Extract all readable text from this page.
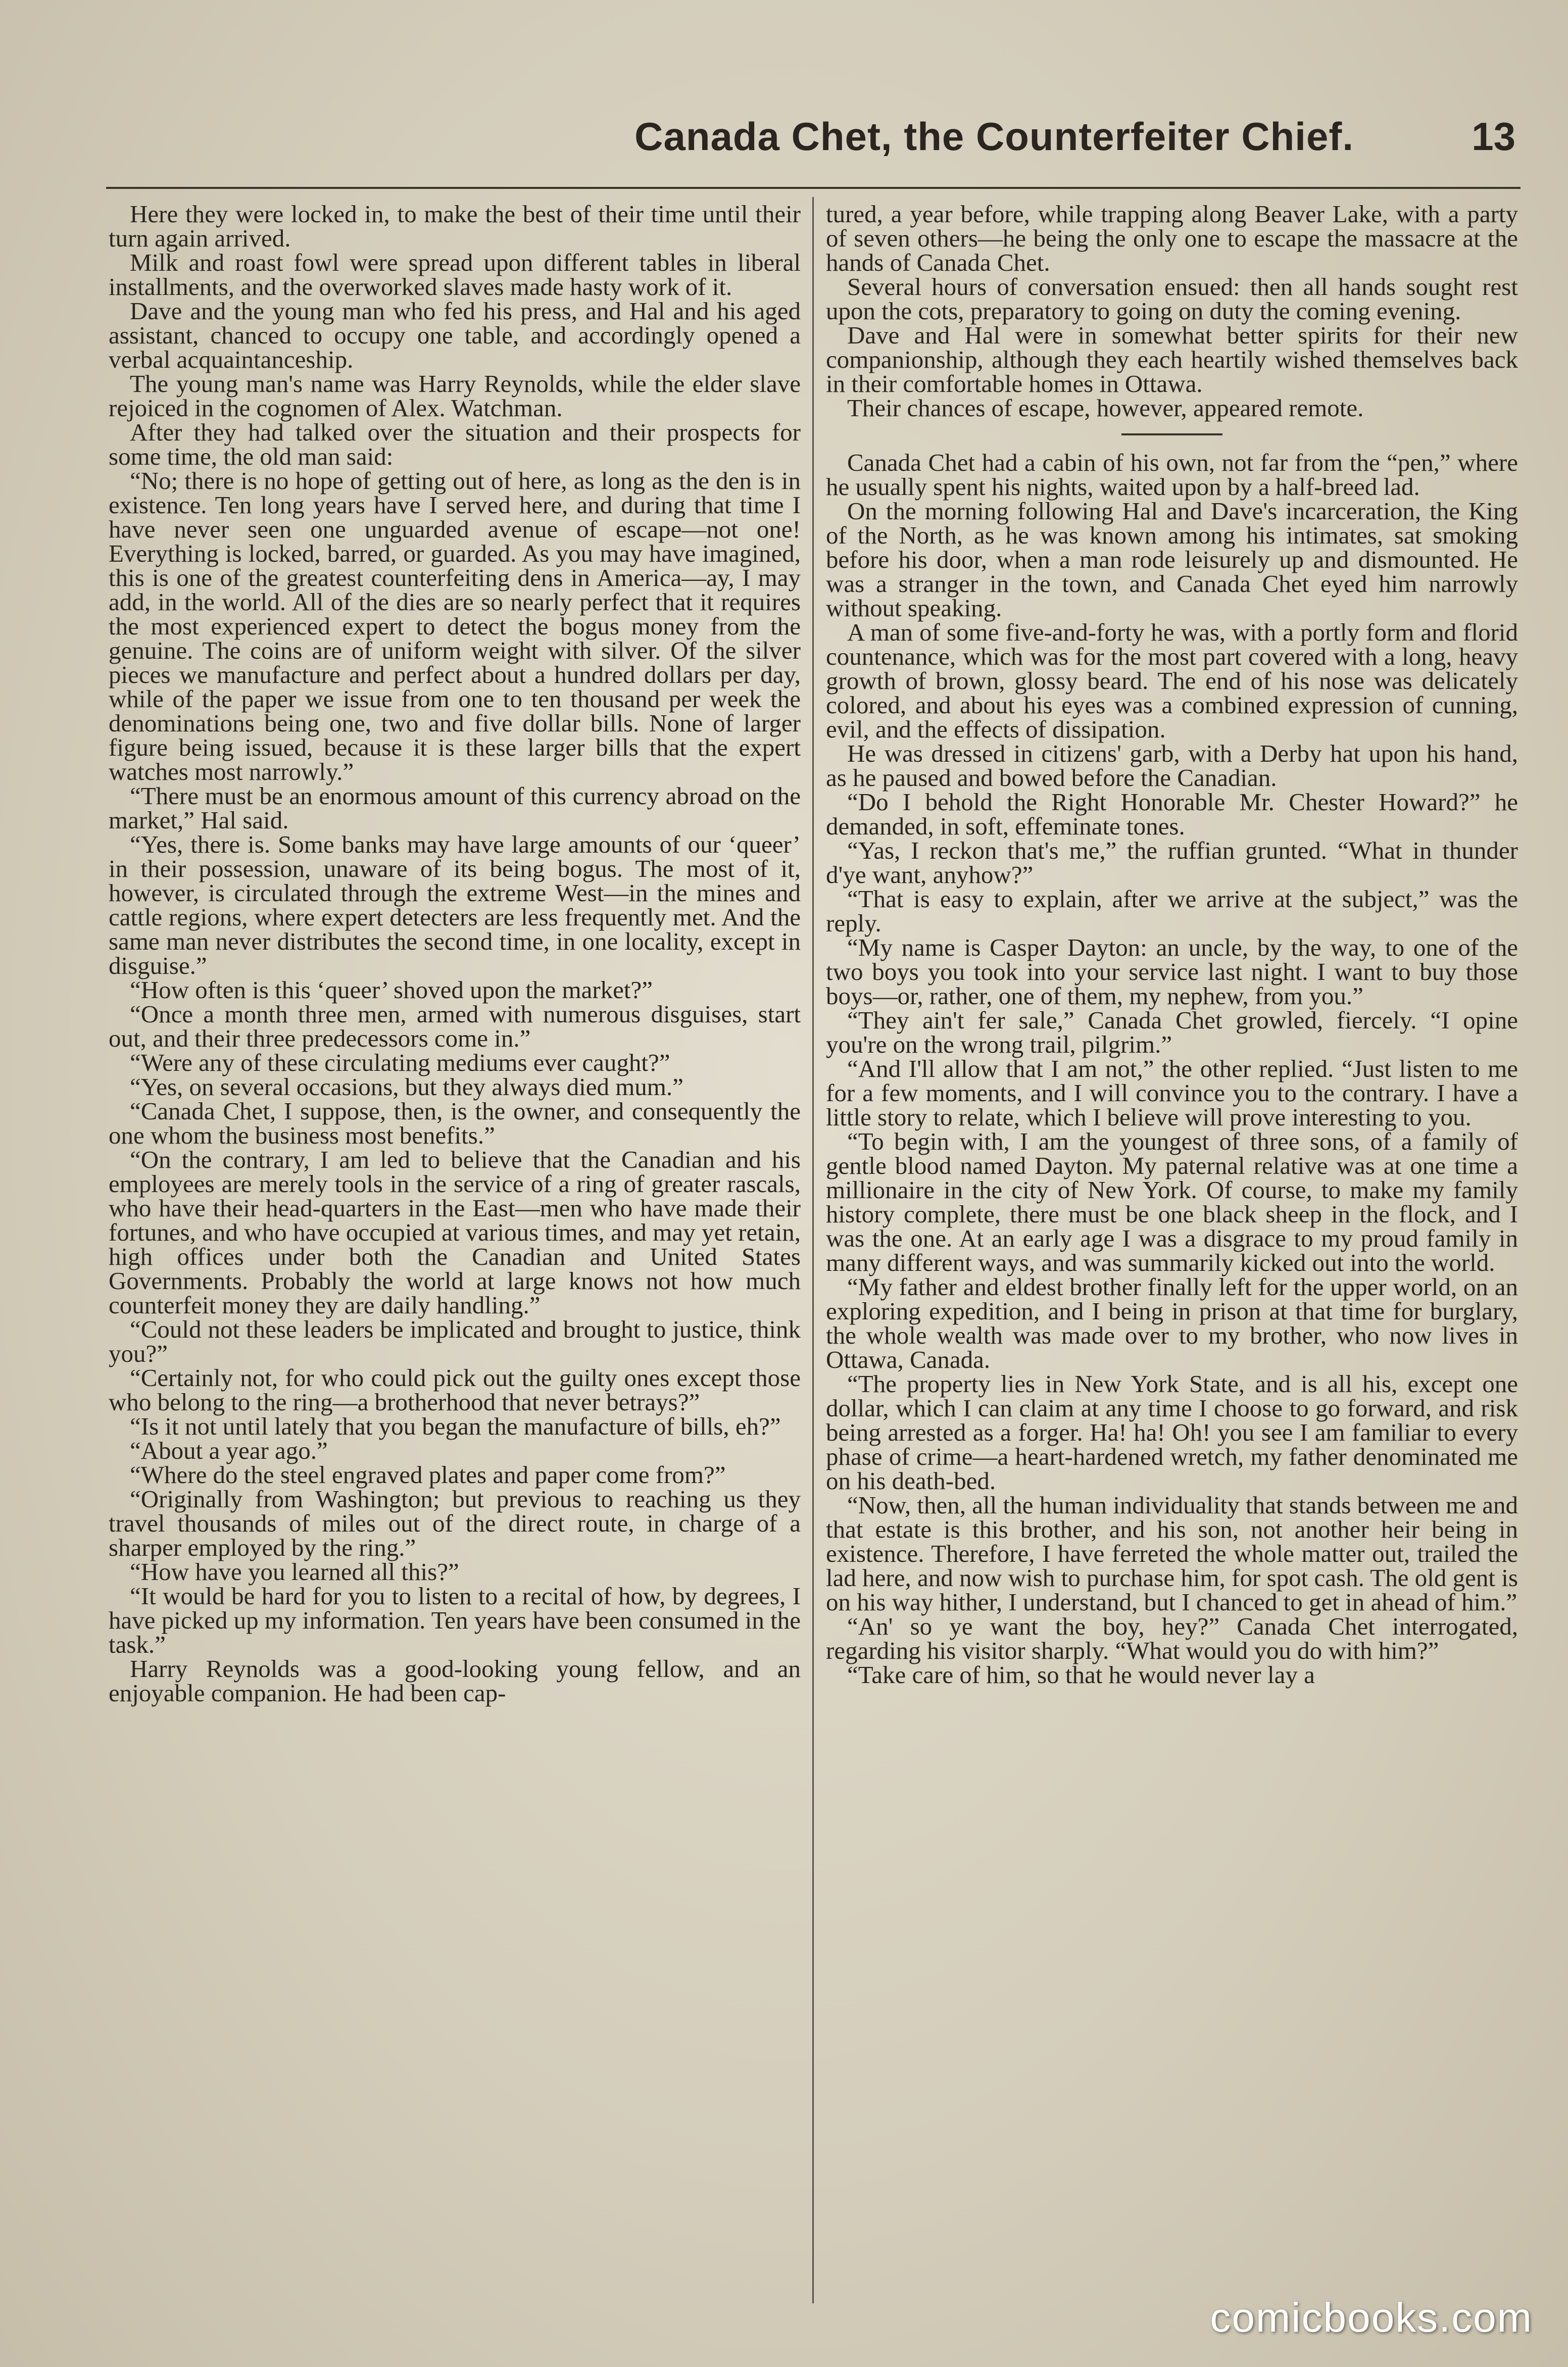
Canada Chet, the Counterfeiter Chief.	13

Here they were locked in, to make the best of their time until their turn again arrived.

Milk and roast fowl were spread upon different tables in liberal installments, and the overworked slaves made hasty work of it.

Dave and the young man who fed his press, and Hal and his aged assistant, chanced to occupy one table, and accordingly opened a verbal acquaintanceship.

The young man's name was Harry Reynolds, while the elder slave rejoiced in the cognomen of Alex. Watchman.

After they had talked over the situation and their prospects for some time, the old man said:

“No; there is no hope of getting out of here, as long as the den is in existence. Ten long years have I served here, and during that time I have never seen one unguarded avenue of escape—not one! Everything is locked, barred, or guarded. As you may have imagined, this is one of the greatest counterfeiting dens in America—ay, I may add, in the world. All of the dies are so nearly perfect that it requires the most experienced expert to detect the bogus money from the genuine. The coins are of uniform weight with silver. Of the silver pieces we manufacture and perfect about a hundred dollars per day, while of the paper we issue from one to ten thousand per week the denominations being one, two and five dollar bills. None of larger figure being issued, because it is these larger bills that the expert watches most narrowly.”

“There must be an enormous amount of this currency abroad on the market,” Hal said.

“Yes, there is. Some banks may have large amounts of our ‘queer’ in their possession, unaware of its being bogus. The most of it, however, is circulated through the extreme West—in the mines and cattle regions, where expert detecters are less frequently met. And the same man never distributes the second time, in one locality, except in disguise.”

“How often is this ‘queer’ shoved upon the market?”

“Once a month three men, armed with numerous disguises, start out, and their three predecessors come in.”

“Were any of these circulating mediums ever caught?”

“Yes, on several occasions, but they always died mum.”

“Canada Chet, I suppose, then, is the owner, and consequently the one whom the business most benefits.”

“On the contrary, I am led to believe that the Canadian and his employees are merely tools in the service of a ring of greater rascals, who have their head-quarters in the East—men who have made their fortunes, and who have occupied at various times, and may yet retain, high offices under both the Canadian and United States Governments. Probably the world at large knows not how much counterfeit money they are daily handling.”

“Could not these leaders be implicated and brought to justice, think you?”

“Certainly not, for who could pick out the guilty ones except those who belong to the ring—a brotherhood that never betrays?”

“Is it not until lately that you began the manufacture of bills, eh?”

“About a year ago.”

“Where do the steel engraved plates and paper come from?”

“Originally from Washington; but previous to reaching us they travel thousands of miles out of the direct route, in charge of a sharper employed by the ring.”

“How have you learned all this?”

“It would be hard for you to listen to a recital of how, by degrees, I have picked up my information. Ten years have been consumed in the task.”

Harry Reynolds was a good-looking young fellow, and an enjoyable companion. He had been cap-

tured, a year before, while trapping along Beaver Lake, with a party of seven others—he being the only one to escape the massacre at the hands of Canada Chet.

Several hours of conversation ensued: then all hands sought rest upon the cots, preparatory to going on duty the coming evening.

Dave and Hal were in somewhat better spirits for their new companionship, although they each heartily wished themselves back in their comfortable homes in Ottawa.

Their chances of escape, however, appeared remote.

Canada Chet had a cabin of his own, not far from the “pen,” where he usually spent his nights, waited upon by a half-breed lad.

On the morning following Hal and Dave's incarceration, the King of the North, as he was known among his intimates, sat smoking before his door, when a man rode leisurely up and dismounted. He was a stranger in the town, and Canada Chet eyed him narrowly without speaking.

A man of some five-and-forty he was, with a portly form and florid countenance, which was for the most part covered with a long, heavy growth of brown, glossy beard. The end of his nose was delicately colored, and about his eyes was a combined expression of cunning, evil, and the effects of dissipation.

He was dressed in citizens' garb, with a Derby hat upon his hand, as he paused and bowed before the Canadian.

“Do I behold the Right Honorable Mr. Chester Howard?” he demanded, in soft, effeminate tones.

“Yas, I reckon that's me,” the ruffian grunted. “What in thunder d'ye want, anyhow?”

“That is easy to explain, after we arrive at the subject,” was the reply.

“My name is Casper Dayton: an uncle, by the way, to one of the two boys you took into your service last night. I want to buy those boys—or, rather, one of them, my nephew, from you.”

“They ain't fer sale,” Canada Chet growled, fiercely. “I opine you're on the wrong trail, pilgrim.”

“And I'll allow that I am not,” the other replied. “Just listen to me for a few moments, and I will convince you to the contrary. I have a little story to relate, which I believe will prove interesting to you.

“To begin with, I am the youngest of three sons, of a family of gentle blood named Dayton. My paternal relative was at one time a millionaire in the city of New York. Of course, to make my family history complete, there must be one black sheep in the flock, and I was the one. At an early age I was a disgrace to my proud family in many different ways, and was summarily kicked out into the world.

“My father and eldest brother finally left for the upper world, on an exploring expedition, and I being in prison at that time for burglary, the whole wealth was made over to my brother, who now lives in Ottawa, Canada.

“The property lies in New York State, and is all his, except one dollar, which I can claim at any time I choose to go forward, and risk being arrested as a forger. Ha! ha! Oh! you see I am familiar to every phase of crime—a heart-hardened wretch, my father denominated me on his death-bed.

“Now, then, all the human individuality that stands between me and that estate is this brother, and his son, not another heir being in existence. Therefore, I have ferreted the whole matter out, trailed the lad here, and now wish to purchase him, for spot cash. The old gent is on his way hither, I understand, but I chanced to get in ahead of him.”

“An' so ye want the boy, hey?” Canada Chet interrogated, regarding his visitor sharply. “What would you do with him?”

“Take care of him, so that he would never lay a

comicbooks.com
